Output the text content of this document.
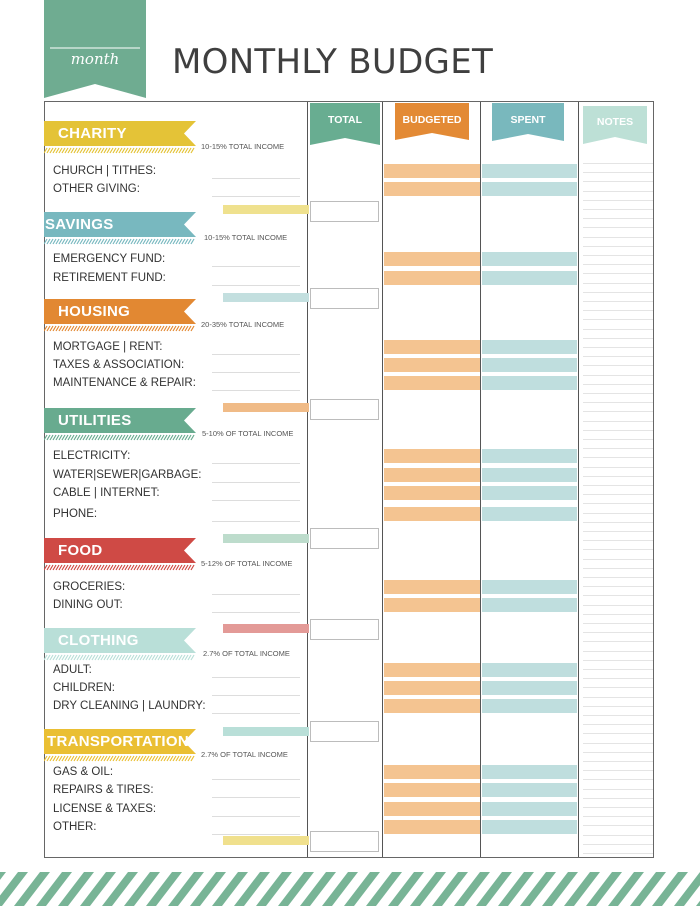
month	MONTHLY BUDGET
TOTAL	BUDGETED	SPENT	NOTES
CHURCH | TITHES:
OTHER GIVING:
EMERGENCY FUND:
RETIREMENT FUND:
MORTGAGE | RENT:
TAXES & ASSOCIATION:
MAINTENANCE & REPAIR:
ELECTRICITY:
WATER|SEWER|GARBAGE:
CABLE | INTERNET:
PHONE:
GROCERIES:
DINING OUT:
ADULT:
CHILDREN:
DRY CLEANING | LAUNDRY:
GAS & OIL:
REPAIRS & TIRES:
LICENSE & TAXES:
OTHER:
CHARITY
10-15% TOTAL INCOME
SAVINGS
10-15% TOTAL INCOME
HOUSING
20-35% TOTAL INCOME
UTILITIES
5-10% OF TOTAL INCOME
FOOD
5-12% OF TOTAL INCOME
CLOTHING
2.7% OF TOTAL INCOME
TRANSPORTATION
2.7% OF TOTAL INCOME
